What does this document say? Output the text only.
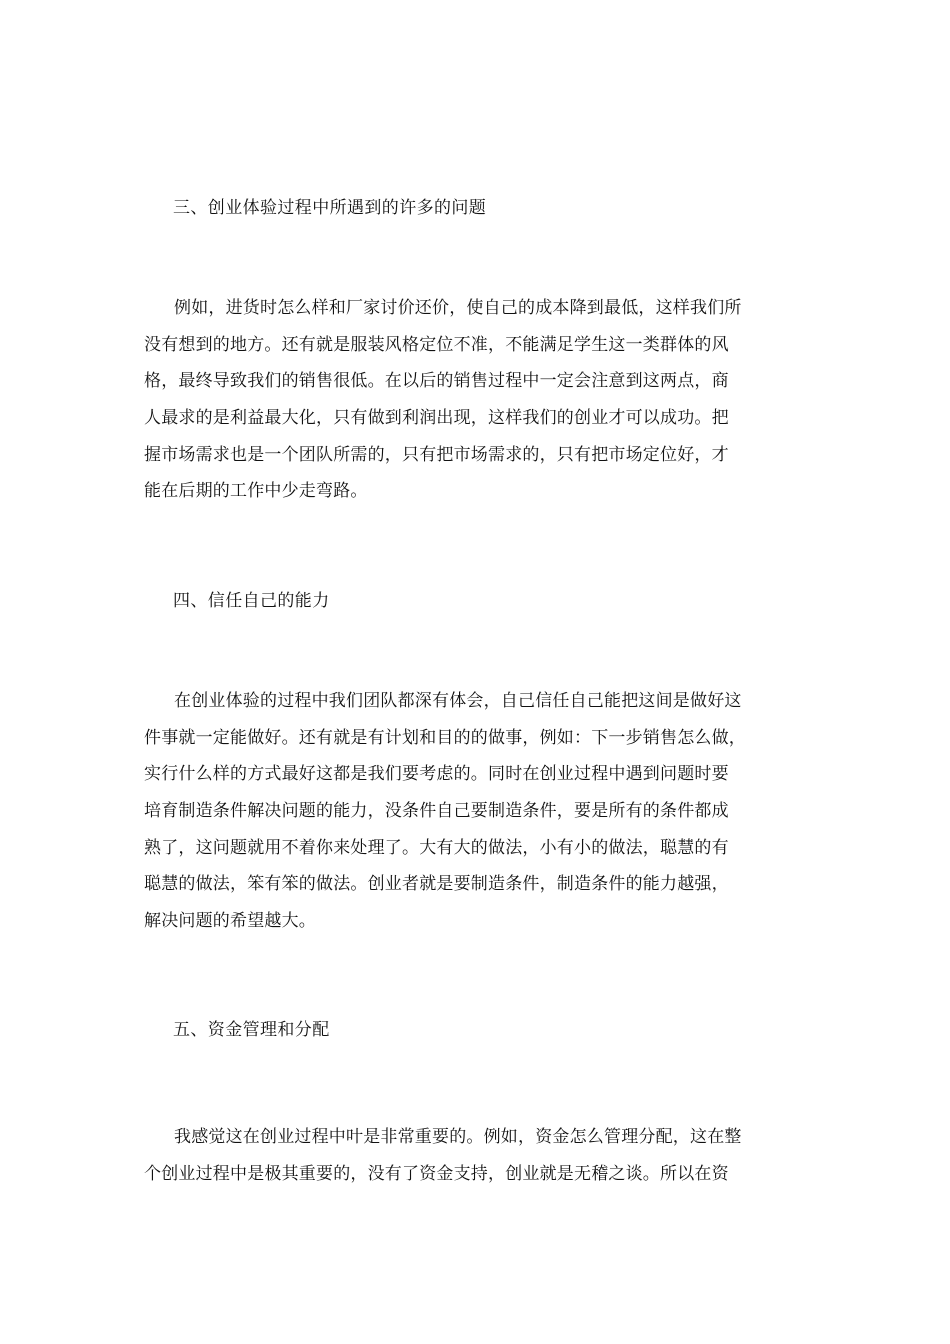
三、创业体验过程中所遇到的许多的问题
例如，进货时怎么样和厂家讨价还价，使自己的成本降到最低，这样我们所
没有想到的地方。还有就是服装风格定位不准，不能满足学生这一类群体的风
格，最终导致我们的销售很低。在以后的销售过程中一定会注意到这两点，商
人最求的是利益最大化，只有做到利润出现，这样我们的创业才可以成功。把
握市场需求也是一个团队所需的，只有把市场需求的，只有把市场定位好，才
能在后期的工作中少走弯路。
四、信任自己的能力
在创业体验的过程中我们团队都深有体会，自己信任自己能把这间是做好这
件事就一定能做好。还有就是有计划和目的的做事，例如：下一步销售怎么做，
实行什么样的方式最好这都是我们要考虑的。同时在创业过程中遇到问题时要
培育制造条件解决问题的能力，没条件自己要制造条件，要是所有的条件都成
熟了，这问题就用不着你来处理了。大有大的做法，小有小的做法，聪慧的有
聪慧的做法，笨有笨的做法。创业者就是要制造条件，制造条件的能力越强，
解决问题的希望越大。
五、资金管理和分配
我感觉这在创业过程中叶是非常重要的。例如，资金怎么管理分配，这在整
个创业过程中是极其重要的，没有了资金支持，创业就是无稽之谈。所以在资
